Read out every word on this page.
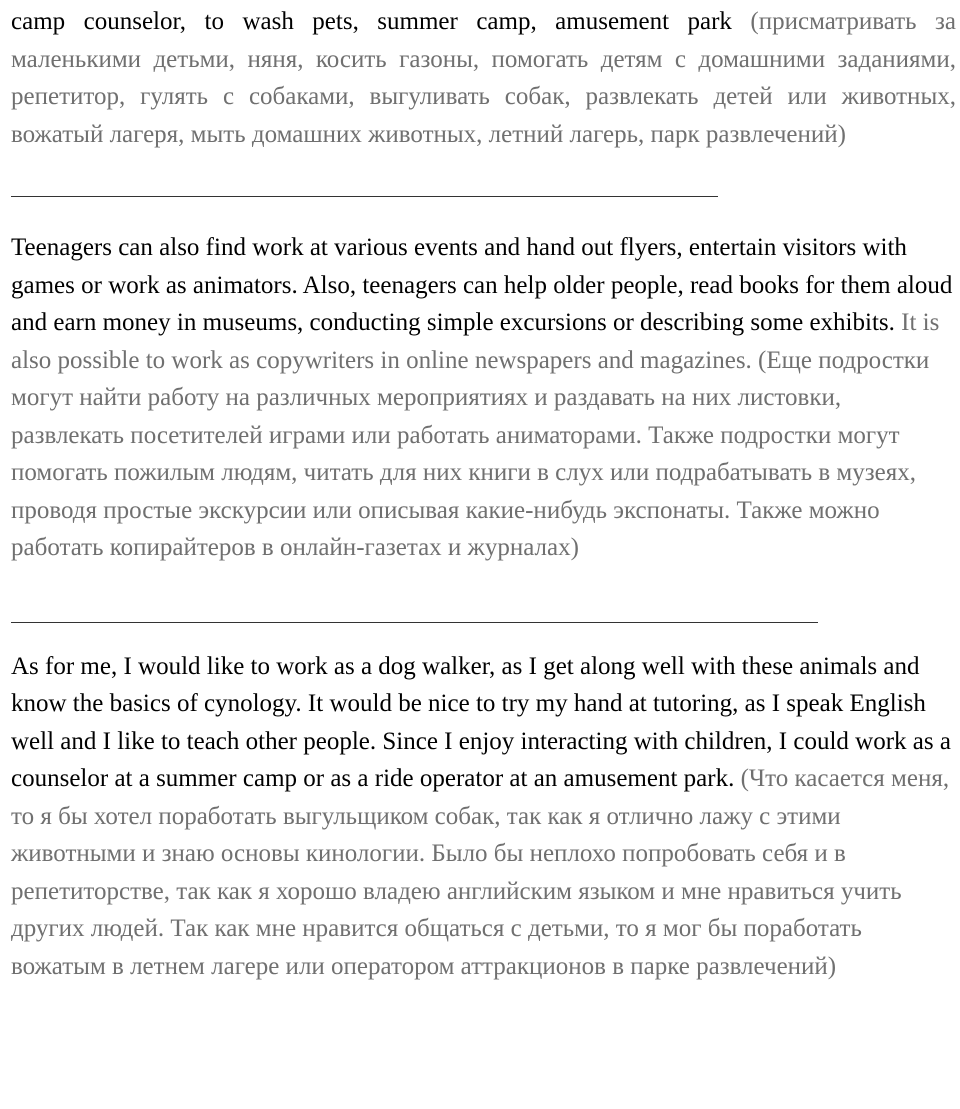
camp counselor, to wash pets, summer camp, amusement park (присматривать за маленькими детьми, няня, косить газоны, помогать детям с домашними заданиями, репетитор, гулять с собаками, выгуливать собак, развлекать детей или животных, вожатый лагеря, мыть домашних животных, летний лагерь, парк развлечений)

Teenagers can also find work at various events and hand out flyers, entertain visitors with games or work as animators. Also, teenagers can help older people, read books for them aloud and earn money in museums, conducting simple excursions or describing some exhibits. It is also possible to work as copywriters in online newspapers and magazines. (Еще подростки могут найти работу на различных мероприятиях и раздавать на них листовки, развлекать посетителей играми или работать аниматорами. Также подростки могут помогать пожилым людям, читать для них книги в слух или подрабатывать в музеях, проводя простые экскурсии или описывая какие-нибудь экспонаты. Также можно работать копирайтеров в онлайн-газетах и журналах)

As for me, I would like to work as a dog walker, as I get along well with these animals and know the basics of cynology. It would be nice to try my hand at tutoring, as I speak English well and I like to teach other people. Since I enjoy interacting with children, I could work as a counselor at a summer camp or as a ride operator at an amusement park. (Что касается меня, то я бы хотел поработать выгульщиком собак, так как я отлично лажу с этими животными и знаю основы кинологии. Было бы неплохо попробовать себя и в репетиторстве, так как я хорошо владею английским языком и мне нравиться учить других людей. Так как мне нравится общаться с детьми, то я мог бы поработать вожатым в летнем лагере или оператором аттракционов в парке развлечений)
